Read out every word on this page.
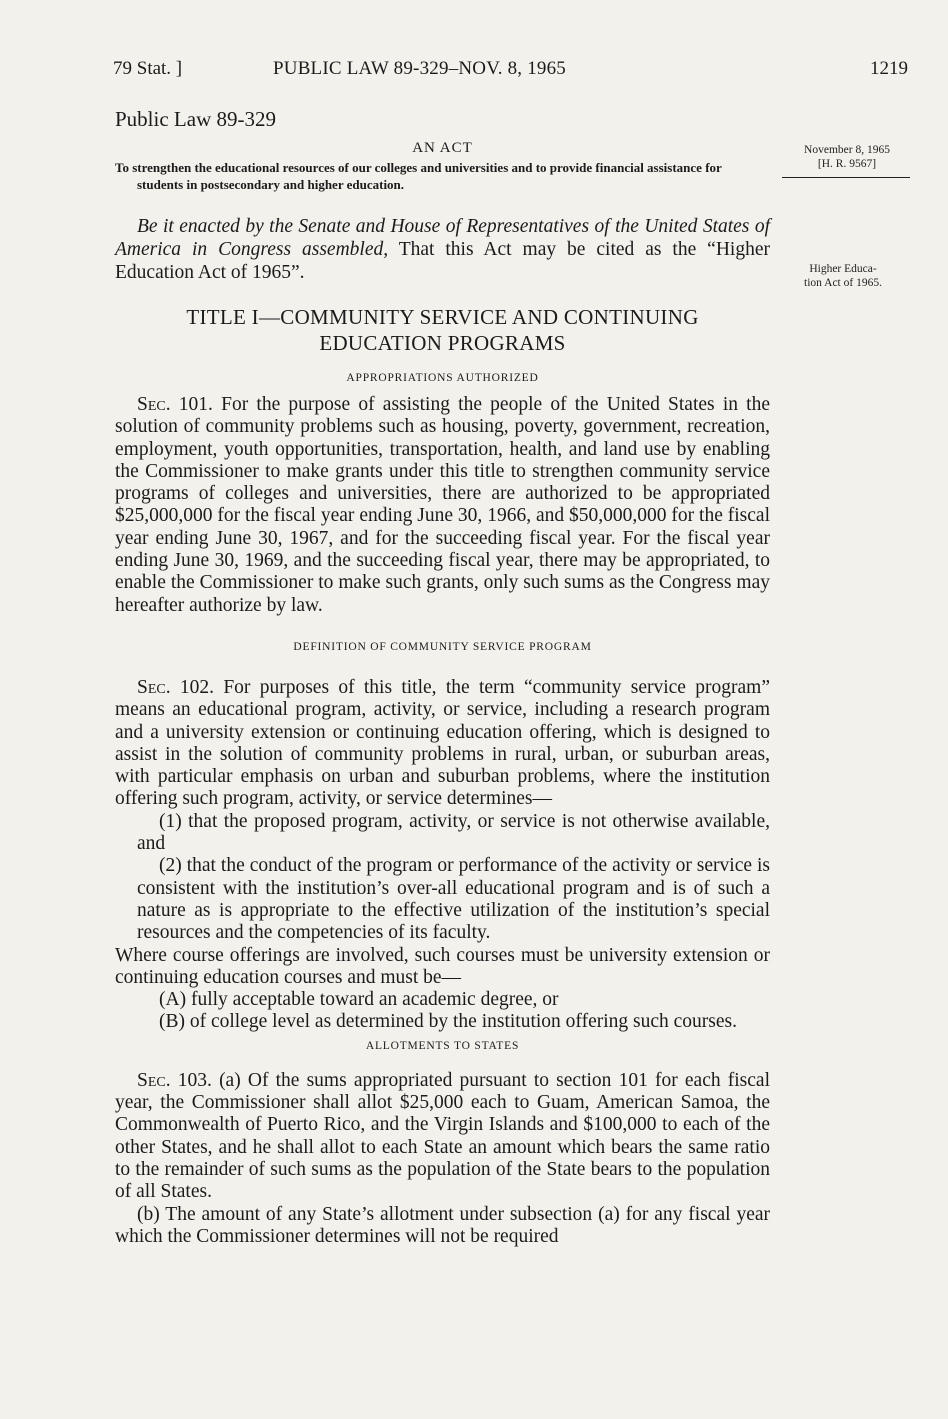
79 Stat. ]	PUBLIC LAW 89-329–NOV. 8, 1965	1219
November 8, 1965
[H. R. 9567]
Higher Educa-
tion Act of 1965.

Public Law 89-329

AN ACT

To strengthen the educational resources of our colleges and universities and to provide financial assistance for students in postsecondary and higher education.

Be it enacted by the Senate and House of Representatives of the United States of America in Congress assembled, That this Act may be cited as the “Higher Education Act of 1965”.

TITLE I—COMMUNITY SERVICE AND CONTINUING
EDUCATION PROGRAMS
APPROPRIATIONS AUTHORIZED

Sec. 101. For the purpose of assisting the people of the United States in the solution of community problems such as housing, poverty, government, recreation, employment, youth opportunities, transportation, health, and land use by enabling the Commissioner to make grants under this title to strengthen community service programs of colleges and universities, there are authorized to be appropriated $25,000,000 for the fiscal year ending June 30, 1966, and $50,000,000 for the fiscal year ending June 30, 1967, and for the succeeding fiscal year. For the fiscal year ending June 30, 1969, and the succeeding fiscal year, there may be appropriated, to enable the Commissioner to make such grants, only such sums as the Congress may hereafter authorize by law.

DEFINITION OF COMMUNITY SERVICE PROGRAM

Sec. 102. For purposes of this title, the term “community service program” means an educational program, activity, or service, including a research program and a university extension or continuing education offering, which is designed to assist in the solution of community problems in rural, urban, or suburban areas, with particular emphasis on urban and suburban problems, where the institution offering such program, activity, or service determines—

(1) that the proposed program, activity, or service is not otherwise available, and

(2) that the conduct of the program or performance of the activity or service is consistent with the institution’s over-all educational program and is of such a nature as is appropriate to the effective utilization of the institution’s special resources and the competencies of its faculty.

Where course offerings are involved, such courses must be university extension or continuing education courses and must be—

(A) fully acceptable toward an academic degree, or

(B) of college level as determined by the institution offering such courses.

ALLOTMENTS TO STATES

Sec. 103. (a) Of the sums appropriated pursuant to section 101 for each fiscal year, the Commissioner shall allot $25,000 each to Guam, American Samoa, the Commonwealth of Puerto Rico, and the Virgin Islands and $100,000 to each of the other States, and he shall allot to each State an amount which bears the same ratio to the remainder of such sums as the population of the State bears to the population of all States.

(b) The amount of any State’s allotment under subsection (a) for any fiscal year which the Commissioner determines will not be required
